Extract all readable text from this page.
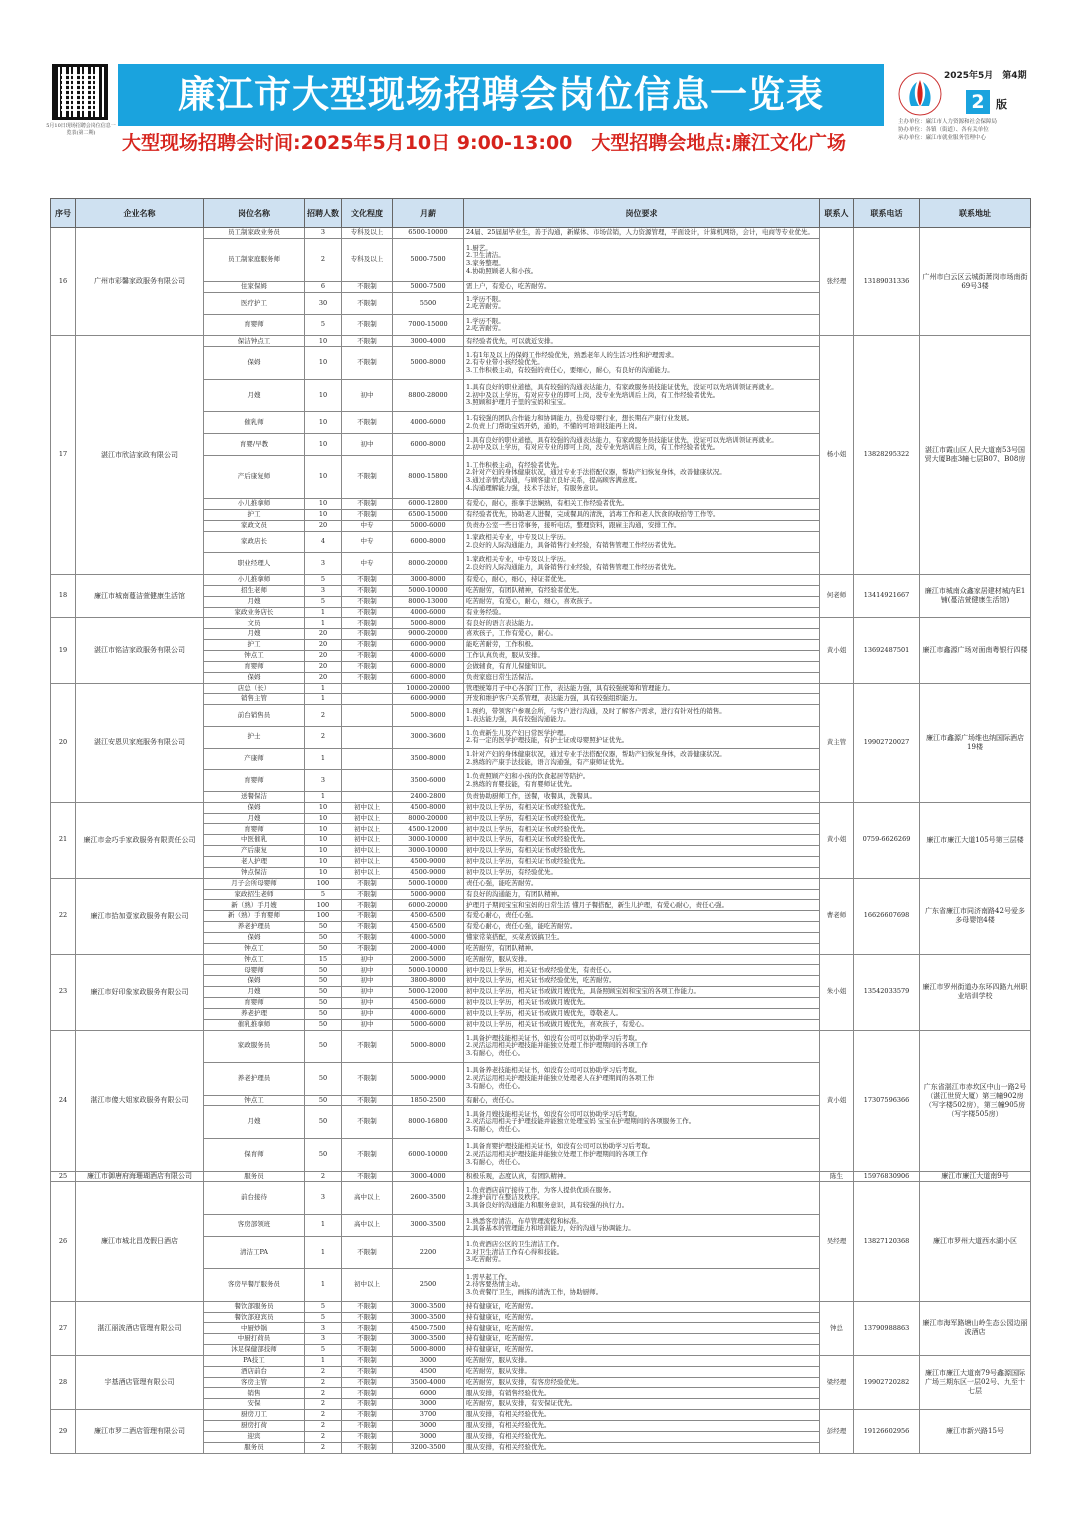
5月10日现场招聘会岗位信息一览表(第二期)
廉江市大型现场招聘会岗位信息一览表
大型现场招聘会时间:2025年5月10日 9:00-13:00　大型招聘会地点:廉江文化广场
2025年5月　第4期
2	版
主办单位：廉江市人力资源和社会保障局
协办单位：各镇（街道）、各有关单位
承办单位：廉江市就业服务管理中心
序号	企业名称	岗位名称	招聘人数	文化程度	月薪	岗位要求	联系人	联系电话	联系地址
16	广州市彩馨家政服务有限公司	员工制家政业务员	3	专科及以上	6500-10000	24届、25届届毕业生，善于沟通，新媒体、市场营销，人力资源管理，平面设计，计算机网络，会计，电商等专业优先。	张经理	13189031336	广州市白云区云城街萧岗市场南街69号3楼
		员工制家庭服务师	2	专科及以上	5000-7500	1.厨艺。
2.卫生清洁。
3.家务整理。
4.协助照顾老人和小孩。			

		住家保姆	6	不限制	5000-7500	需上户，有爱心，吃苦耐劳。			

		医疗护工	30	不限制	5500	1.学历不限。
2.吃苦耐劳。			

		育婴师	5	不限制	7000-15000	1.学历不限。
2.吃苦耐劳。			

17	湛江市欣洁家政有限公司	保洁钟点工	10	不限制	3000-4000	有经验者优先，可以就近安排。	杨小姐	13828295322	湛江市霞山区人民大道南53号国贸大厦B座3幢七层B07、B08房
		保姆	10	不限制	5000-8000	1.有1年及以上的保姆工作经验优先，熟悉老年人的生活习性和护理需求。
2.有专业带小孩经验优先。
3.工作积极主动，有较强的责任心，要细心，耐心，有良好的沟通能力。			

		月嫂	10	初中	8800-28000	1.具有良好的职业道德，具有较强的沟通表达能力，有家政服务员技能证优先，没证可以先培训领证再就业。
2.初中及以上学历，有对应专业的即可上岗，没专业先培训后上岗，有工作经验者优先。
3.照顾和护理月子里的宝妈和宝宝。			

		催乳师	10	不限制	4000-6000	1.有较强的团队合作能力和协调能力，热爱母婴行业，想长期在产康行业发展。
2.负责上门帮助宝妈开奶，通奶，不懂的可培训技能再上岗。			

		育婴/早教	10	初中	6000-8000	1.具有良好的职业道德，具有较强的沟通表达能力，有家政服务员技能证优先，没证可以先培训领证再就业。
2.初中及以上学历，有对应专业的即可上岗，没专业先培训后上岗，有工作经验者优先。			

		产后康复师	10	不限制	8000-15800	1.工作积极主动，有经验者优先。
2.针对产妇的身体健康状况，通过专业手法搭配仪器，帮助产妇恢复身体，改善健康状况。
3.通过亲情式沟通，与顾客建立良好关系，提高顾客满意度。
4.沟通理解能力强，技术手法好，有服务意识。			

		小儿推拿师	10	不限制	6000-12800	有爱心，耐心，推拿手法娴熟，有相关工作经验者优先。			

		护工	10	不限制	6500-15000	有经验者优先，协助老人进餐，完成餐具的清洗，消毒工作和老人饮食的收拾等工作等。			

		家政文员	20	中专	5000-6000	负责办公室一些日常事务，接听电话，整理资料，跟雇主沟通，安排工作。			

		家政店长	4	中专	6000-8000	1.家政相关专业，中专及以上学历。
2.良好的人际沟通能力，具备销售行业经验，有销售管理工作经历者优先。			

		职业经理人	3	中专	8000-20000	1.家政相关专业，中专及以上学历。
2.良好的人际沟通能力，具备销售行业经验，有销售管理工作经历者优先。			

18	廉江市城南蔓洁萱健康生活馆	小儿推拿师	5	不限制	3000-8000	有爱心，耐心，细心，持证者优先。	何老师	13414921667	廉江市城南众鑫家居建材城内E1铺(蔓洁萱健康生活馆)
		招生老师	3	不限制	5000-10000	吃苦耐劳，有团队精神，有经验者优先。			

		月嫂	5	不限制	8000-13000	吃苦耐劳，有爱心，耐心，细心，喜欢孩子。			

		家政业务店长	1	不限制	4000-6000	有业务经验。			

19	湛江市铭洁家政服务有限公司	文员	1	不限制	5000-8000	有良好的语言表达能力。	黄小姐	13692487501	廉江市鑫源广场对面南粤银行四楼
		月嫂	20	不限制	9000-20000	喜欢孩子，工作有爱心，耐心。			

		护工	20	不限制	6000-9000	能吃苦耐劳，工作积极。			

		钟点工	20	不限制	4000-6000	工作认真负责，服从安排。			

		育婴师	20	不限制	6000-8000	会做辅食，有育儿保健知识。			

		保姆	20	不限制	6000-8000	负责家庭日常生活保洁。			

20	湛江安恩贝家庭服务有限公司	店总（长）	1		10000-20000	管理统筹月子中心各部门工作，表达能力强，具有较强统筹和管理能力。	黄主管	19902720027	廉江市鑫源广场维也纳国际酒店19楼
		销售主管	1		6000-9000	开发和维护客户关系管理，表达能力强，具有较强组织能力。			

		前台销售员	2		5000-8000	1.预约，带领客户参观会所，与客户进行沟通，及时了解客户需求，进行有针对性的销售。
1.表达能力强，具有较强沟通能力。			

		护士	2		3000-3600	1.负责新生儿及产妇日常医学护理。
2.有一定的医学护理技能，有护士证或母婴照护证优先。			

		产康师	1		3500-8000	1.针对产妇的身体健康状况，通过专业手法搭配仪器，帮助产妇恢复身体，改善健康状况。
2.熟练的产康手法技能，语言沟通强，有产康师证优先。			

		育婴师	3		3500-6000	1.负责照顾产妇和小孩的饮食起居等陪护。
2.熟练的育婴技能，有育婴师证优先。			

		送餐保洁	1		2400-2800	负责协助厨师工作，送餐，收餐具，洗餐具。			

21	廉江市金巧手家政服务有限责任公司	保姆	10	初中以上	4500-8000	初中及以上学历，有相关证书或经验优先。	黄小姐	0759-6626269	廉江市廉江大道105号第三层楼
		月嫂	10	初中以上	8000-20000	初中及以上学历，有相关证书或经验优先。			

		育婴师	10	初中以上	4500-12000	初中及以上学历，有相关证书或经验优先。			

		中医催乳	10	初中以上	3000-10000	初中及以上学历，有相关证书或经验优先。			

		产后康复	10	初中以上	3000-10000	初中及以上学历，有相关证书或经验优先。			

		老人护理	10	初中以上	4500-9000	初中及以上学历，有相关证书或经验优先。			

		钟点保洁	10	初中以上	4500-9000	初中及以上学历，有经验优先。			

22	廉江市拾加壹家政服务有限公司	月子会所母婴师	100	不限制	5000-10000	责任心强，能吃苦耐劳。	曹老师	16626607698	广东省廉江市同济南路42号爱多多母婴馆4楼
		家政招生老师	5	不限制	5000-9000	有良好的沟通能力，有团队精神。			

		新（熟）手月嫂	100	不限制	6000-20000	护理月子期间宝宝和宝妈的日常生活 懂月子餐搭配，新生儿护理，有爱心耐心，责任心强。			

		新（熟）手育婴师	100	不限制	4500-6500	有爱心耐心，责任心强。			

		养老护理员	50	不限制	4500-6500	有爱心耐心，责任心强，能吃苦耐劳。			

		保姆	50	不限制	4000-5000	懂家常菜搭配，买菜煮饭搞卫生。			

		钟点工	50	不限制	2000-4000	吃苦耐劳，有团队精神。			

23	廉江市好印象家政服务有限公司	钟点工	15	初中	2000-5000	吃苦耐劳，服从安排。	朱小姐	13542033579	廉江市罗州街道办东环四路九州职业培训学校
		母婴师	50	初中	5000-10000	初中及以上学历，相关证书或经验优先，有责任心。			

		保姆	50	初中	3800-8000	初中及以上学历，相关证书或经验优先，吃苦耐劳。			

		月嫂	50	初中	5000-12000	初中及以上学历，相关证书或做月嫂优先，具备照顾宝妈和宝宝的各项工作能力。			

		育婴师	50	初中	4500-6000	初中及以上学历，相关证书或做月嫂优先。			

		养老护理	50	初中	4000-6000	初中及以上学历，相关证书或做月嫂优先，尊敬老人。			

		催乳推拿师	50	初中	5000-6000	初中及以上学历，相关证书或做月嫂优先，喜欢孩子，有爱心。			

24	湛江市傻大姐家政服务有限公司	家政服务员	50	不限制	5000-8000	1.具备护理技能相关证书，如没有公司可以协助学习后考取。
2.灵活运用相关护理技能并能独立处理工作护理期间的各项工作
3.有耐心，责任心。	黄小姐	17307596366	广东省湛江市赤坎区中山一路2号（湛江世贸大厦）第三幢902房（写字楼502房），第三幢905房（写字楼505房）
		养老护理员	50	不限制	5000-9000	1.具备养老技能相关证书，如没有公司可以协助学习后考取。
2.灵活运用相关护理技能并能独立处理老人在护理期间的各项工作
3.有耐心，责任心。			

		钟点工	50	不限制	1850-2500	有耐心，责任心。			

		月嫂	50	不限制	8000-16800	1.具备月嫂技能相关证书，如没有公司可以协助学习后考取。
2.灵活运用相关子护理技能并能独立处理宝妈 宝宝在护理期间的各项服务工作。
3.有耐心，责任心。			

		保育师	50	不限制	6000-10000	1.具备育婴护理技能相关证书，如没有公司可以协助学习后考取。
2.灵活运用相关护理技能并能独立处理工作护理期间的各项工作
3.有耐心，责任心。			

25	廉江市御唐府海珊瑚酒店有限公司	服务员	2	不限制	3000-4000	积极乐观，态度认真，有团队精神。	陈生	15976830906	廉江市廉江大道南9号
26	廉江市城北昌茂假日酒店	前台接待	3	高中以上	2600-3500	1.负责酒店前厅接待工作，为客人提供优质在服务。
2.维护前厅在整洁及秩序。
3.具备良好的沟通能力和服务意识，具有较强的执行力。	吴经理	13827120368	廉江市罗州大道西水湖小区
		客房部领班	1	高中以上	3000-3500	1.熟悉客房清洁，布草管理流程和标准。
2.具备基本的管理能力和培训能力，好的沟通与协调能力。			

		清洁工PA	1	不限制	2200	1.负责酒店公区的卫生清洁工作。
2.对卫生清洁工作有心得和技能。
3.吃苦耐劳。			

		客房早餐厅服务员	1	初中以上	2500	1.需早起工作。
2.待客要热情主动。
3.负责餐厅卫生，画拣的清洗工作，协助厨师。			

27	湛江丽波酒店管理有限公司	餐饮部服务员	5	不限制	3000-3500	持有健康证，吃苦耐劳。	钟总	13790988863	廉江市海军路塘山岭生态公园边丽波酒店
		餐饮部迎宾员	5	不限制	3000-3500	持有健康证，吃苦耐劳。			

		中厨炒锅	3	不限制	4500-7500	持有健康证，吃苦耐劳。			

		中厨打荷员	3	不限制	3000-3500	持有健康证，吃苦耐劳。			

		沐足保健部技师	5	不限制	5000-8000	持有健康证，吃苦耐劳。			

28	宇基酒店管理有限公司	PA技工	1	不限制	3000	吃苦耐劳，服从安排。	梁经理	19902720282	廉江市廉江大道南79号鑫源国际广场三期东区一层02号、九至十七层
		酒店前台	2	不限制	4500	吃苦耐劳，服从安排。			

		客房主管	2	不限制	3500-4000	吃苦耐劳，服从安排，有客房经验优先。			

		销售	2	不限制	6000	服从安排，有销售经验优先。			

		安保	2	不限制	3000	吃苦耐劳，服从安排，有安保证优先。			

29	廉江市罗二酒店管理有限公司	厨房刀工	2	不限制	3700	服从安排，有相关经验优先。	彭经理	19126602956	廉江市新兴路15号
		厨房打荷	2	不限制	3000	服从安排，有相关经验优先。			

		迎宾	2	不限制	3000	服从安排，有相关经验优先。			

		服务员	2	不限制	3200-3500	服从安排，有相关经验优先。			
